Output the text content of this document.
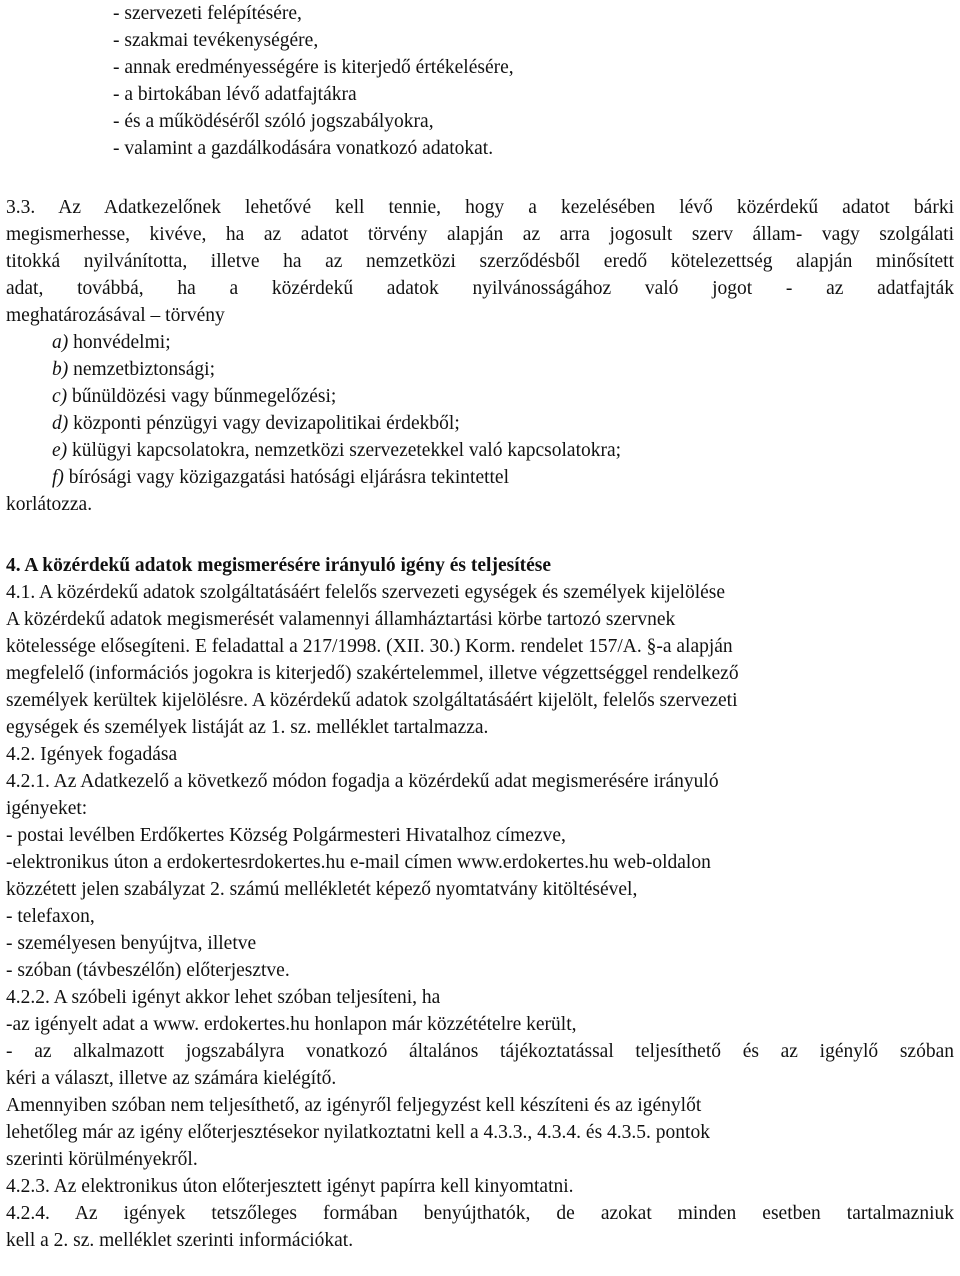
- szervezeti felépítésére,
- szakmai tevékenységére,
- annak eredményességére is kiterjedő értékelésére,
- a birtokában lévő adatfajtákra
- és a működéséről szóló jogszabályokra,
- valamint a gazdálkodására vonatkozó adatokat.
3.3. Az Adatkezelőnek lehetővé kell tennie, hogy a kezelésében lévő közérdekű adatot bárki
megismerhesse, kivéve, ha az adatot törvény alapján az arra jogosult szerv állam- vagy szolgálati
titokká nyilvánította, illetve ha az nemzetközi szerződésből eredő kötelezettség alapján minősített
adat, továbbá, ha a közérdekű adatok nyilvánosságához való jogot - az adatfajták
meghatározásával – törvény
a) honvédelmi;
b) nemzetbiztonsági;
c) bűnüldözési vagy bűnmegelőzési;
d) központi pénzügyi vagy devizapolitikai érdekből;
e) külügyi kapcsolatokra, nemzetközi szervezetekkel való kapcsolatokra;
f) bírósági vagy közigazgatási hatósági eljárásra tekintettel
korlátozza.
4. A közérdekű adatok megismerésére irányuló igény és teljesítése
4.1. A közérdekű adatok szolgáltatásáért felelős szervezeti egységek és személyek kijelölése
A közérdekű adatok megismerését valamennyi államháztartási körbe tartozó szervnek
kötelessége elősegíteni. E feladattal a 217/1998. (XII. 30.) Korm. rendelet 157/A. §-a alapján
megfelelő (információs jogokra is kiterjedő) szakértelemmel, illetve végzettséggel rendelkező
személyek kerültek kijelölésre. A közérdekű adatok szolgáltatásáért kijelölt, felelős szervezeti
egységek és személyek listáját az 1. sz. melléklet tartalmazza.
4.2. Igények fogadása
4.2.1. Az Adatkezelő a következő módon fogadja a közérdekű adat megismerésére irányuló
igényeket:
- postai levélben Erdőkertes Község Polgármesteri Hivatalhoz címezve,
-elektronikus úton a erdokertesrdokertes.hu e-mail címen www.erdokertes.hu web-oldalon
közzétett jelen szabályzat 2. számú mellékletét képező nyomtatvány kitöltésével,
- telefaxon,
- személyesen benyújtva, illetve
- szóban (távbeszélőn) előterjesztve.
4.2.2. A szóbeli igényt akkor lehet szóban teljesíteni, ha
-az igényelt adat a www. erdokertes.hu honlapon már közzétételre került,
- az alkalmazott jogszabályra vonatkozó általános tájékoztatással teljesíthető és az igénylő szóban
kéri a választ, illetve az számára kielégítő.
Amennyiben szóban nem teljesíthető, az igényről feljegyzést kell készíteni és az igénylőt
lehetőleg már az igény előterjesztésekor nyilatkoztatni kell a 4.3.3., 4.3.4. és 4.3.5. pontok
szerinti körülményekről.
4.2.3. Az elektronikus úton előterjesztett igényt papírra kell kinyomtatni.
4.2.4. Az igények tetszőleges formában benyújthatók, de azokat minden esetben tartalmazniuk
kell a 2. sz. melléklet szerinti információkat.
